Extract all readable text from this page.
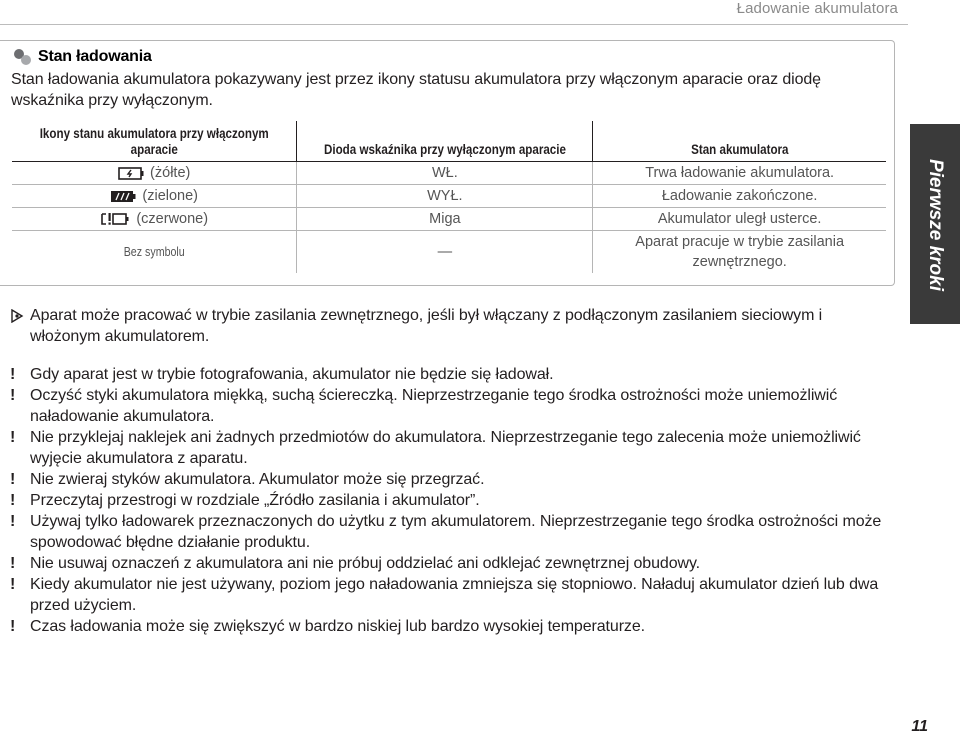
Ładowanie akumulatora
Stan ładowania
Stan ładowania akumulatora pokazywany jest przez ikony statusu akumulatora przy włączonym aparacie oraz diodę wskaźnika przy wyłączonym.
Ikony stanu akumulatora przy włączonym aparacie	Dioda wskaźnika przy wyłączonym aparacie	Stan akumulatora
(żółte)	WŁ.	Trwa ładowanie akumulatora.
(zielone)	WYŁ.	Ładowanie zakończone.
(czerwone)	Miga	Akumulator uległ usterce.
Bez symbolu	—	Aparat pracuje w trybie zasilania zewnętrznego.
Aparat może pracować w trybie zasilania zewnętrznego, jeśli był włączany z podłączonym zasilaniem sieciowym i włożonym akumulatorem.
! Gdy aparat jest w trybie fotografowania, akumulator nie będzie się ładował.
! Oczyść styki akumulatora miękką, suchą ściereczką. Nieprzestrzeganie tego środka ostrożności może uniemożliwić naładowanie akumulatora.
! Nie przyklejaj naklejek ani żadnych przedmiotów do akumulatora. Nieprzestrzeganie tego zalecenia może uniemożliwić wyjęcie akumulatora z aparatu.
! Nie zwieraj styków akumulatora. Akumulator może się przegrzać.
! Przeczytaj przestrogi w rozdziale „Źródło zasilania i akumulator”.
! Używaj tylko ładowarek przeznaczonych do użytku z tym akumulatorem. Nieprzestrzeganie tego środka ostrożności może spowodować błędne działanie produktu.
! Nie usuwaj oznaczeń z akumulatora ani nie próbuj oddzielać ani odklejać zewnętrznej obudowy.
! Kiedy akumulator nie jest używany, poziom jego naładowania zmniejsza się stopniowo. Naładuj akumulator dzień lub dwa przed użyciem.
! Czas ładowania może się zwiększyć w bardzo niskiej lub bardzo wysokiej temperaturze.
Pierwsze kroki
11
